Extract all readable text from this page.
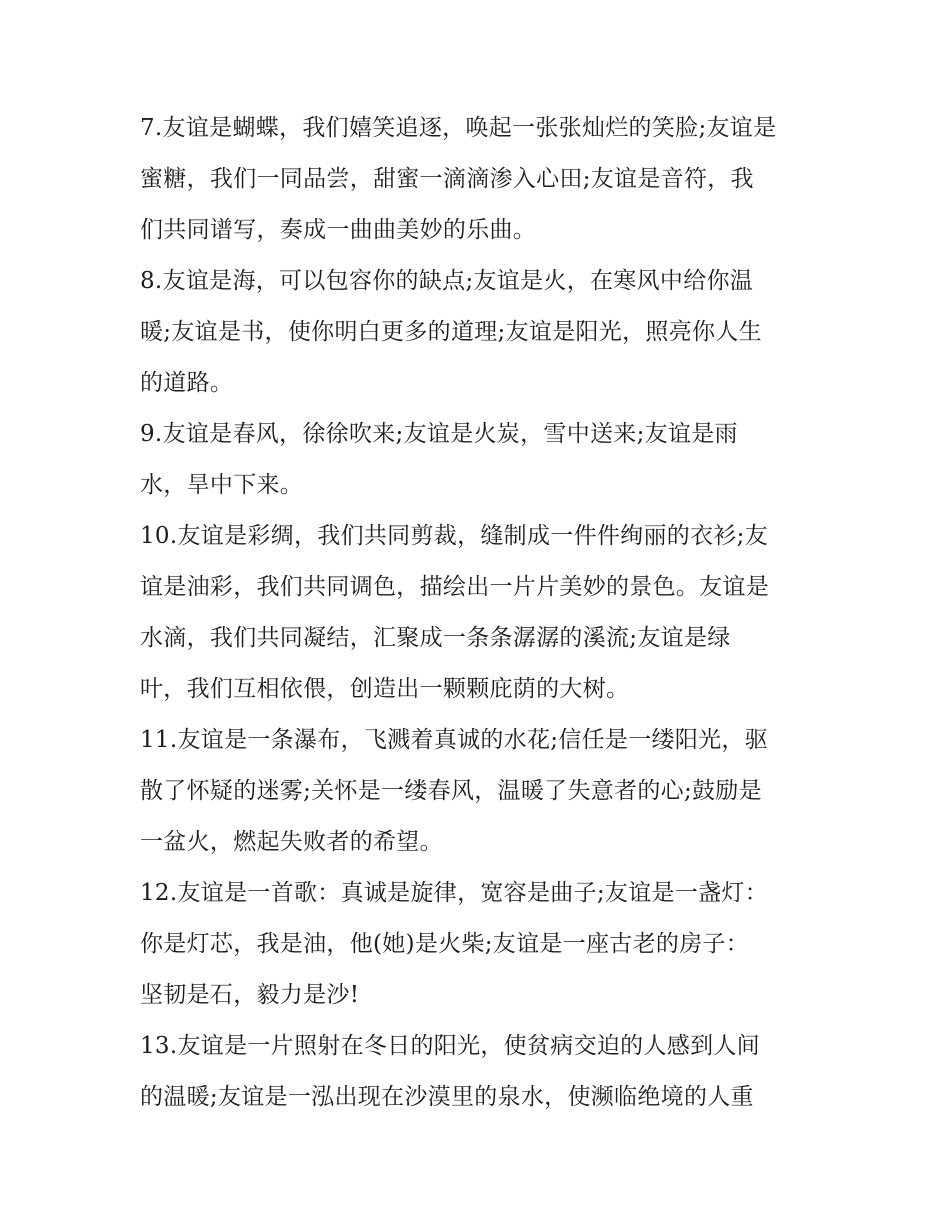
7.友谊是蝴蝶，我们嬉笑追逐，唤起一张张灿烂的笑脸;友谊是
蜜糖，我们一同品尝，甜蜜一滴滴渗入心田;友谊是音符，我
们共同谱写，奏成一曲曲美妙的乐曲。
8.友谊是海，可以包容你的缺点;友谊是火，在寒风中给你温
暖;友谊是书，使你明白更多的道理;友谊是阳光，照亮你人生
的道路。
9.友谊是春风，徐徐吹来;友谊是火炭，雪中送来;友谊是雨
水，旱中下来。
10.友谊是彩绸，我们共同剪裁，缝制成一件件绚丽的衣衫;友
谊是油彩，我们共同调色，描绘出一片片美妙的景色。友谊是
水滴，我们共同凝结，汇聚成一条条潺潺的溪流;友谊是绿
叶，我们互相依偎，创造出一颗颗庇荫的大树。
11.友谊是一条瀑布，飞溅着真诚的水花;信任是一缕阳光，驱
散了怀疑的迷雾;关怀是一缕春风，温暖了失意者的心;鼓励是
一盆火，燃起失败者的希望。
12.友谊是一首歌：真诚是旋律，宽容是曲子;友谊是一盏灯：
你是灯芯，我是油，他(她)是火柴;友谊是一座古老的房子：
坚韧是石，毅力是沙!
13.友谊是一片照射在冬日的阳光，使贫病交迫的人感到人间
的温暖;友谊是一泓出现在沙漠里的泉水，使濒临绝境的人重
